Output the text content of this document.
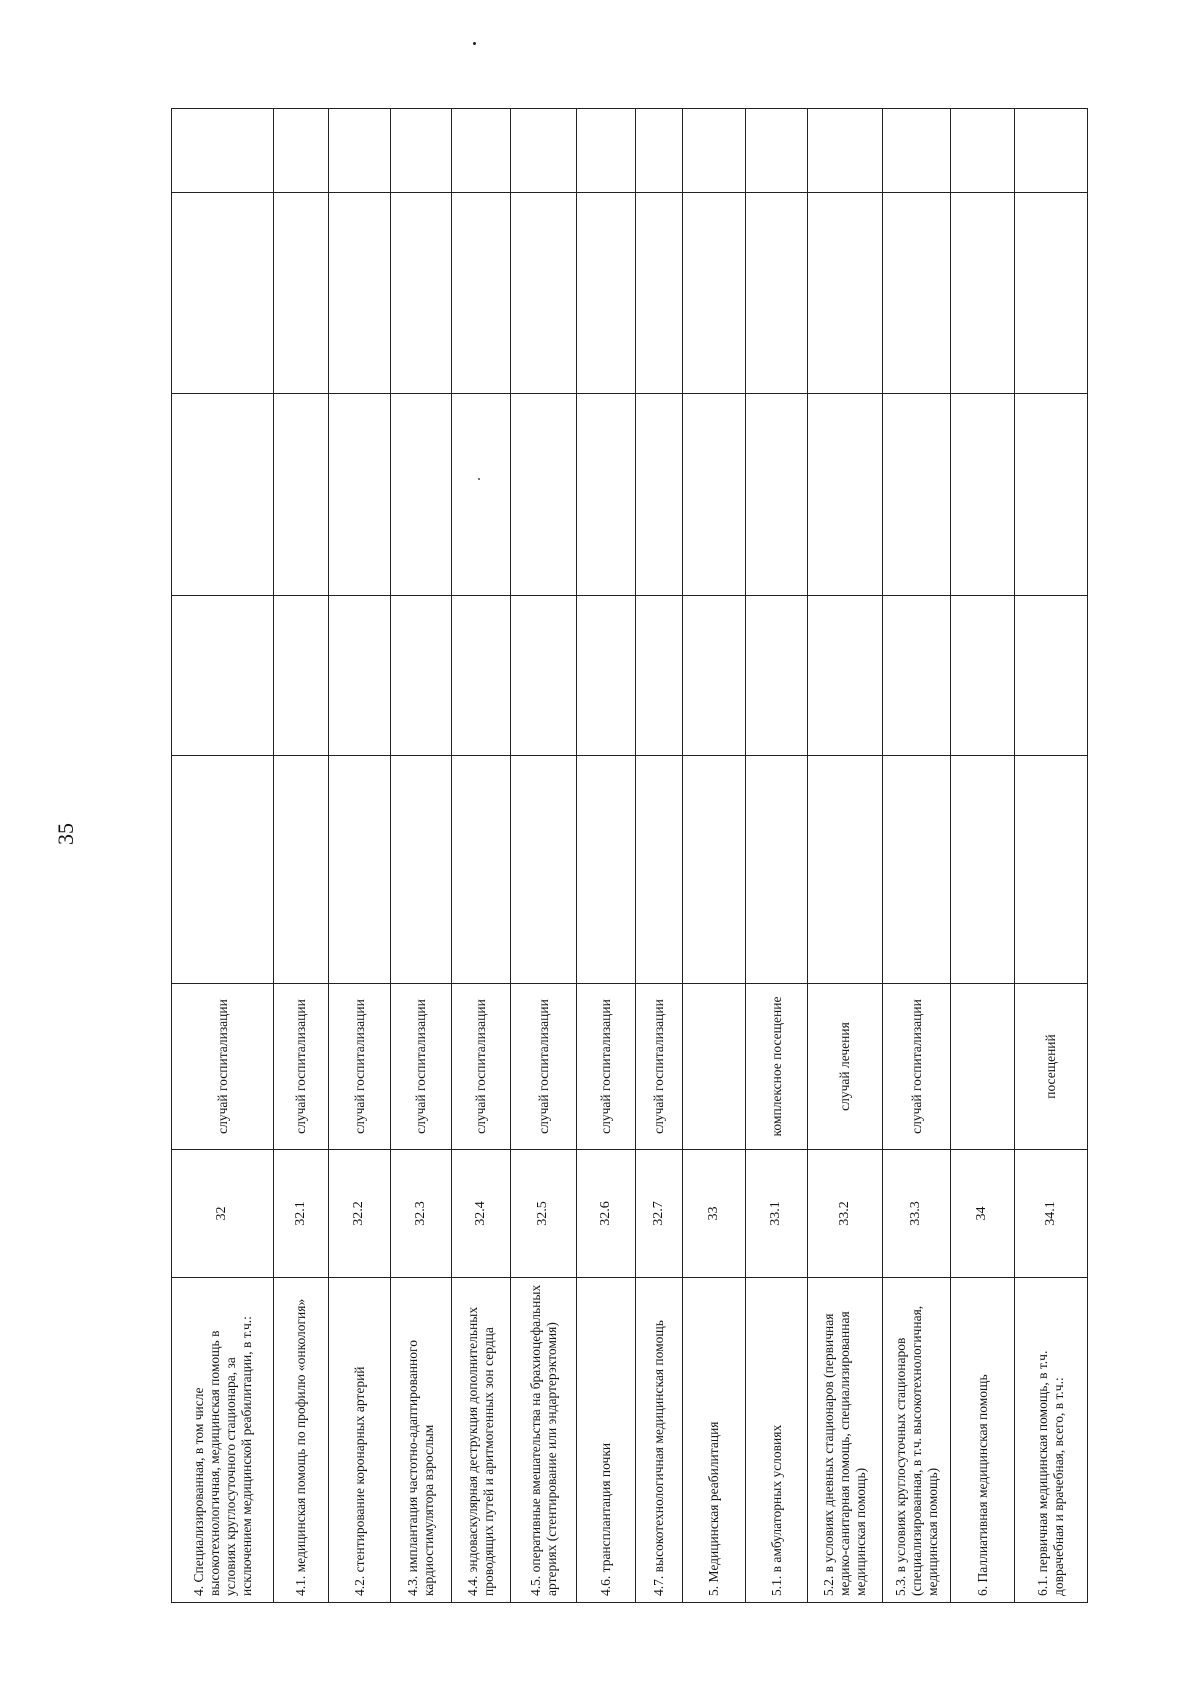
35
4. Специализированная, в том числе высокотехнологичная, медицинская помощь в условиях круглосуточного стационара, за исключением медицинской реабилитации, в т.ч.:	32	случай госпитализации					
4.1. медицинская помощь по профилю «онкология»	32.1	случай госпитализации					
4.2. стентирование коронарных артерий	32.2	случай госпитализации					
4.3. имплантация частотно-адаптированного кардиостимулятора взрослым	32.3	случай госпитализации					
4.4. эндоваскулярная деструкция дополнительных проводящих путей и аритмогенных зон сердца	32.4	случай госпитализации					
4.5. оперативные вмешательства на брахиоцефальных артериях (стентирование или эндартерэктомия)	32.5	случай госпитализации					
4.6. трансплантация почки	32.6	случай госпитализации					
4.7. высокотехнологичная медицинская помощь	32.7	случай госпитализации					
5. Медицинская реабилитация	33						
5.1. в амбулаторных условиях	33.1	комплексное посещение					
5.2. в условиях дневных стационаров (первичная медико-санитарная помощь, специализированная медицинская помощь)	33.2	случай лечения					
5.3. в условиях круглосуточных стационаров (специализированная, в т.ч. высокотехнологичная, медицинская помощь)	33.3	случай госпитализации					
6. Паллиативная медицинская помощь	34						
6.1. первичная медицинская помощь, в т.ч. доврачебная и врачебная, всего, в т.ч.:	34.1	посещений					
